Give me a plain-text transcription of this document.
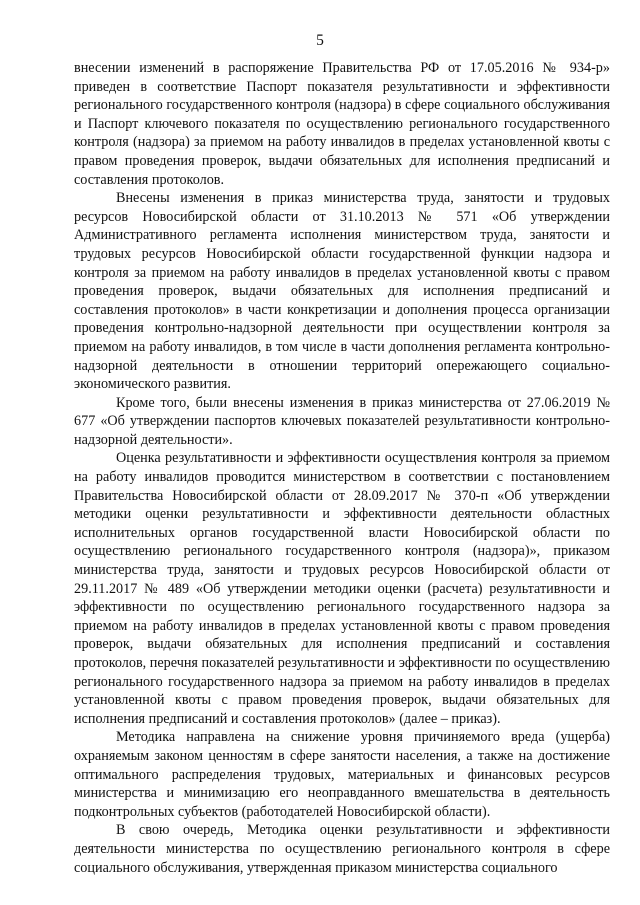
5

внесении изменений в распоряжение Правительства РФ от 17.05.2016 № 934-р» приведен в соответствие Паспорт показателя результативности и эффективности регионального государственного контроля (надзора) в сфере социального обслуживания и Паспорт ключевого показателя по осуществлению регионального государственного контроля (надзора) за приемом на работу инвалидов в пределах установленной квоты с правом проведения проверок, выдачи обязательных для исполнения предписаний и составления протоколов.

Внесены изменения в приказ министерства труда, занятости и трудовых ресурсов Новосибирской области от 31.10.2013 № 571 «Об утверждении Административного регламента исполнения министерством труда, занятости и трудовых ресурсов Новосибирской области государственной функции надзора и контроля за приемом на работу инвалидов в пределах установленной квоты с правом проведения проверок, выдачи обязательных для исполнения предписаний и составления протоколов» в части конкретизации и дополнения процесса организации проведения контрольно-надзорной деятельности при осуществлении контроля за приемом на работу инвалидов, в том числе в части дополнения регламента контрольно-надзорной деятельности в отношении территорий опережающего социально-экономического развития.

Кроме того, были внесены изменения в приказ министерства от 27.06.2019 № 677 «Об утверждении паспортов ключевых показателей результативности контрольно-надзорной деятельности».

Оценка результативности и эффективности осуществления контроля за приемом на работу инвалидов проводится министерством в соответствии с постановлением Правительства Новосибирской области от 28.09.2017 № 370-п «Об утверждении методики оценки результативности и эффективности деятельности областных исполнительных органов государственной власти Новосибирской области по осуществлению регионального государственного контроля (надзора)», приказом министерства труда, занятости и трудовых ресурсов Новосибирской области от 29.11.2017 № 489 «Об утверждении методики оценки (расчета) результативности и эффективности по осуществлению регионального государственного надзора за приемом на работу инвалидов в пределах установленной квоты с правом проведения проверок, выдачи обязательных для исполнения предписаний и составления протоколов, перечня показателей результативности и эффективности по осуществлению регионального государственного надзора за приемом на работу инвалидов в пределах установленной квоты с правом проведения проверок, выдачи обязательных для исполнения предписаний и составления протоколов» (далее – приказ).

Методика направлена на снижение уровня причиняемого вреда (ущерба) охраняемым законом ценностям в сфере занятости населения, а также на достижение оптимального распределения трудовых, материальных и финансовых ресурсов министерства и минимизацию его неоправданного вмешательства в деятельность подконтрольных субъектов (работодателей Новосибирской области).

В свою очередь, Методика оценки результативности и эффективности деятельности министерства по осуществлению регионального контроля в сфере социального обслуживания, утвержденная приказом министерства социального
